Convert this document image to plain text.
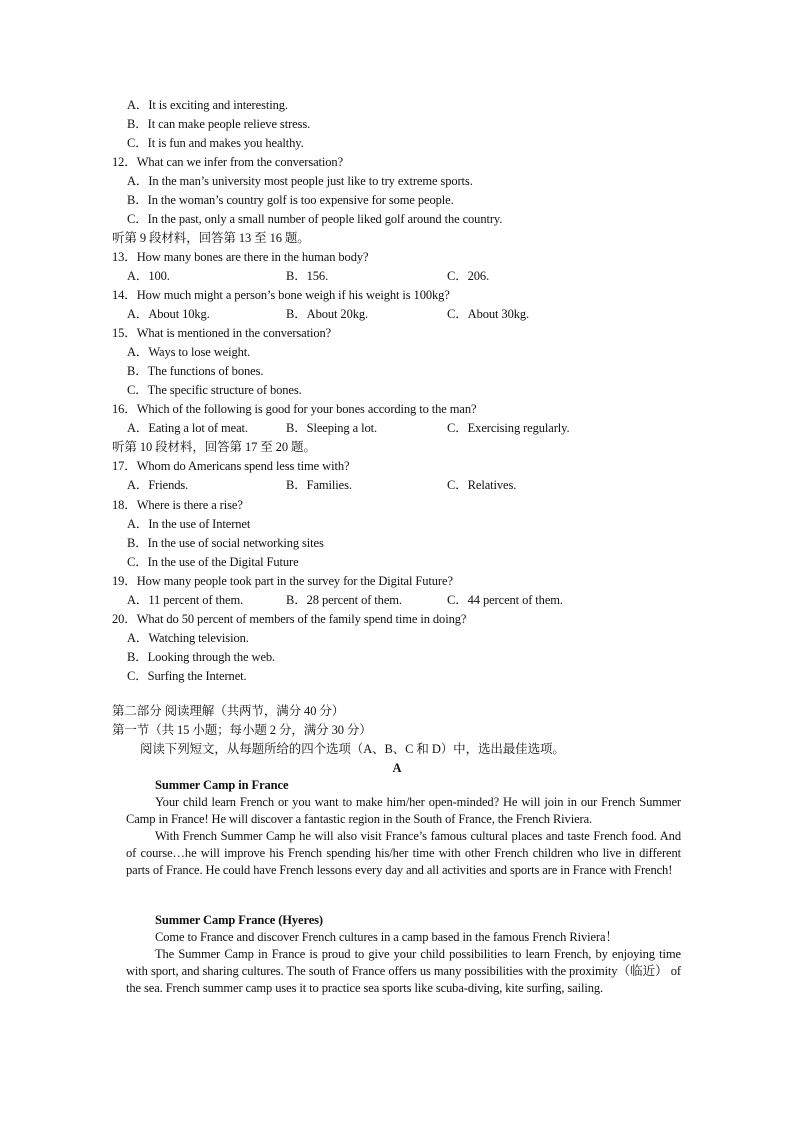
A．It is exciting and interesting.
B．It can make people relieve stress.
C．It is fun and makes you healthy.
12．What can we infer from the conversation?
A．In the man’s university most people just like to try extreme sports.
B．In the woman’s country golf is too expensive for some people.
C．In the past, only a small number of people liked golf around the country.
听第 9 段材料，回答第 13 至 16 题。
13．How many bones are there in the human body?
A．100.	B．156.	C．206.
14．How much might a person’s bone weigh if his weight is 100kg?
A．About 10kg.	B．About 20kg.	C．About 30kg.
15．What is mentioned in the conversation?
A．Ways to lose weight.
B．The functions of bones.
C．The specific structure of bones.
16．Which of the following is good for your bones according to the man?
A．Eating a lot of meat.	B．Sleeping a lot.	C．Exercising regularly.
听第 10 段材料，回答第 17 至 20 题。
17．Whom do Americans spend less time with?
A．Friends.	B．Families.	C．Relatives.
18．Where is there a rise?
A．In the use of Internet
B．In the use of social networking sites
C．In the use of the Digital Future
19．How many people took part in the survey for the Digital Future?
A．11 percent of them.	B．28 percent of them.	C．44 percent of them.
20．What do 50 percent of members of the family spend time in doing?
A．Watching television.
B．Looking through the web.
C．Surfing the Internet.
第二部分 阅读理解（共两节，满分 40 分）
第一节（共 15 小题；每小题 2 分，满分 30 分）
阅读下列短文，从每题所给的四个选项（A、B、C 和 D）中，选出最佳选项。
A
Summer Camp in France

Your child learn French or you want to make him/her open-minded? He will join in our French Summer Camp in France! He will discover a fantastic region in the South of France, the French Riviera.

With French Summer Camp he will also visit France’s famous cultural places and taste French food. And of course…he will improve his French spending his/her time with other French children who live in different parts of France. He could have French lessons every day and all activities and sports are in France with French!

Summer Camp France (Hyeres)

Come to France and discover French cultures in a camp based in the famous French Riviera！

The Summer Camp in France is proud to give your child possibilities to learn French, by enjoying time with sport, and sharing cultures. The south of France offers us many possibilities with the proximity（临近） of the sea. French summer camp uses it to practice sea sports like scuba-diving, kite surfing, sailing.
